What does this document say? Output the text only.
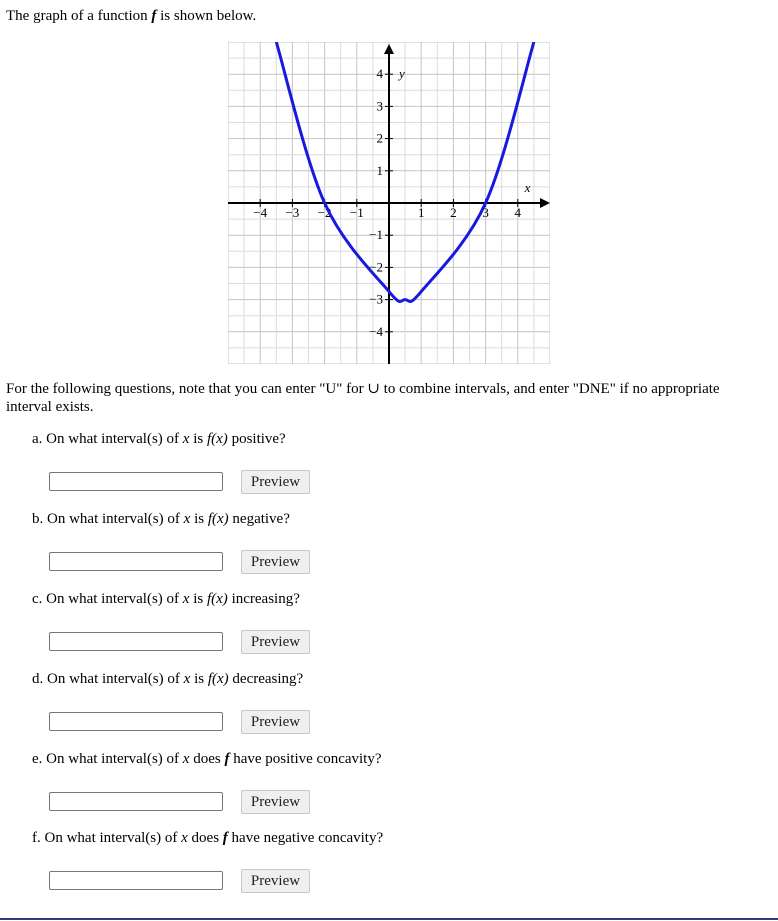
The graph of a function f is shown below.
−4 −3 −2 −1	1 2 3 4
4
3
2
1
−1
−2
−3
−4
x
y
For the following questions, note that you can enter "U" for ∪ to combine intervals, and enter "DNE" if no appropriate interval exists.
a. On what interval(s) of x is f(x) positive?
Preview
b. On what interval(s) of x is f(x) negative?
Preview
c. On what interval(s) of x is f(x) increasing?
Preview
d. On what interval(s) of x is f(x) decreasing?
Preview
e. On what interval(s) of x does f have positive concavity?
Preview
f. On what interval(s) of x does f have negative concavity?
Preview
